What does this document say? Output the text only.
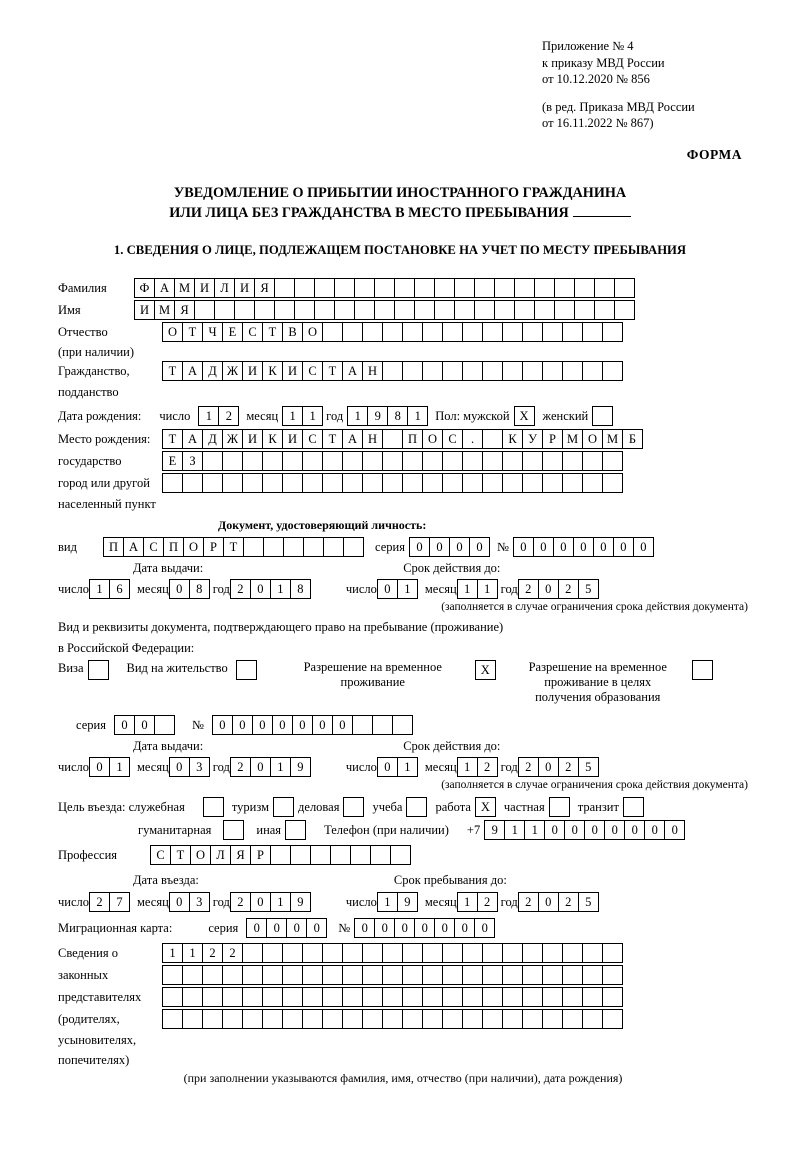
Приложение № 4
к приказу МВД России
от 10.12.2020 № 856
(в ред. Приказа МВД России
от 16.11.2022 № 867)
ФОРМА
УВЕДОМЛЕНИЕ О ПРИБЫТИИ ИНОСТРАННОГО ГРАЖДАНИНА
ИЛИ ЛИЦА БЕЗ ГРАЖДАНСТВА В МЕСТО ПРЕБЫВАНИЯ
1. СВЕДЕНИЯ О ЛИЦЕ, ПОДЛЕЖАЩЕМ ПОСТАНОВКЕ НА УЧЕТ ПО МЕСТУ ПРЕБЫВАНИЯ
Фамилия	Ф А М И Л И Я
Имя	И М Я
Отчество	О Т Ч Е С Т В О
(при наличии)
Гражданство,	Т А Д Ж И К И С Т А Н
подданство
Дата рождения: число	1	2	месяц 1	1 год 1	9	8	1	Пол: мужской X	женский
Место рождения:	Т А Д Ж И К И С Т А Н	П О С	.	К У Р М О М Б
государство	Е	З
город или другой
населенный пункт
Документ, удостоверяющий личность:
вид	П А С П О Р	Т	серия 0	0	0	0	№ 0	0	0	0	0	0	0
Дата выдачи:	Срок действия до:
число 1	6	месяц 0	8 год 2	0	1	8	число 0	1	месяц 1	1 год 2	0	2	5
(заполняется в случае ограничения срока действия документа)
Вид и реквизиты документа, подтверждающего право на пребывание (проживание)
в Российской Федерации:
Виза	Вид на жительство	Разрешение на временное
проживание
X	Разрешение на временное
проживание в целях
получения образования
серия	0	0	№	0	0	0	0	0	0	0
Дата выдачи:	Срок действия до:
число 0	1	месяц 0	3 год 2	0	1	9	число 0	1	месяц 1	2 год 2	0	2	5
(заполняется в случае ограничения срока действия документа)
Цель въезда: служебная	туризм деловая	учеба	работа X	частная	транзит
гуманитарная	иная	Телефон (при наличии) +7 9	1	1	0	0	0	0	0	0	0
Профессия	С Т О Л Я Р
Дата въезда:	Срок пребывания до:
число 2	7	месяц 0	3 год 2	0	1	9	число 1	9	месяц 1	2 год 2	0	2	5
Миграционная карта:	серия	0	0	0	0	№ 0	0	0	0	0	0	0
Сведения о	1	1	2	2
законных
представителях
(родителях,
усыновителях,
попечителях)
(при заполнении указываются фамилия, имя, отчество (при наличии), дата рождения)
